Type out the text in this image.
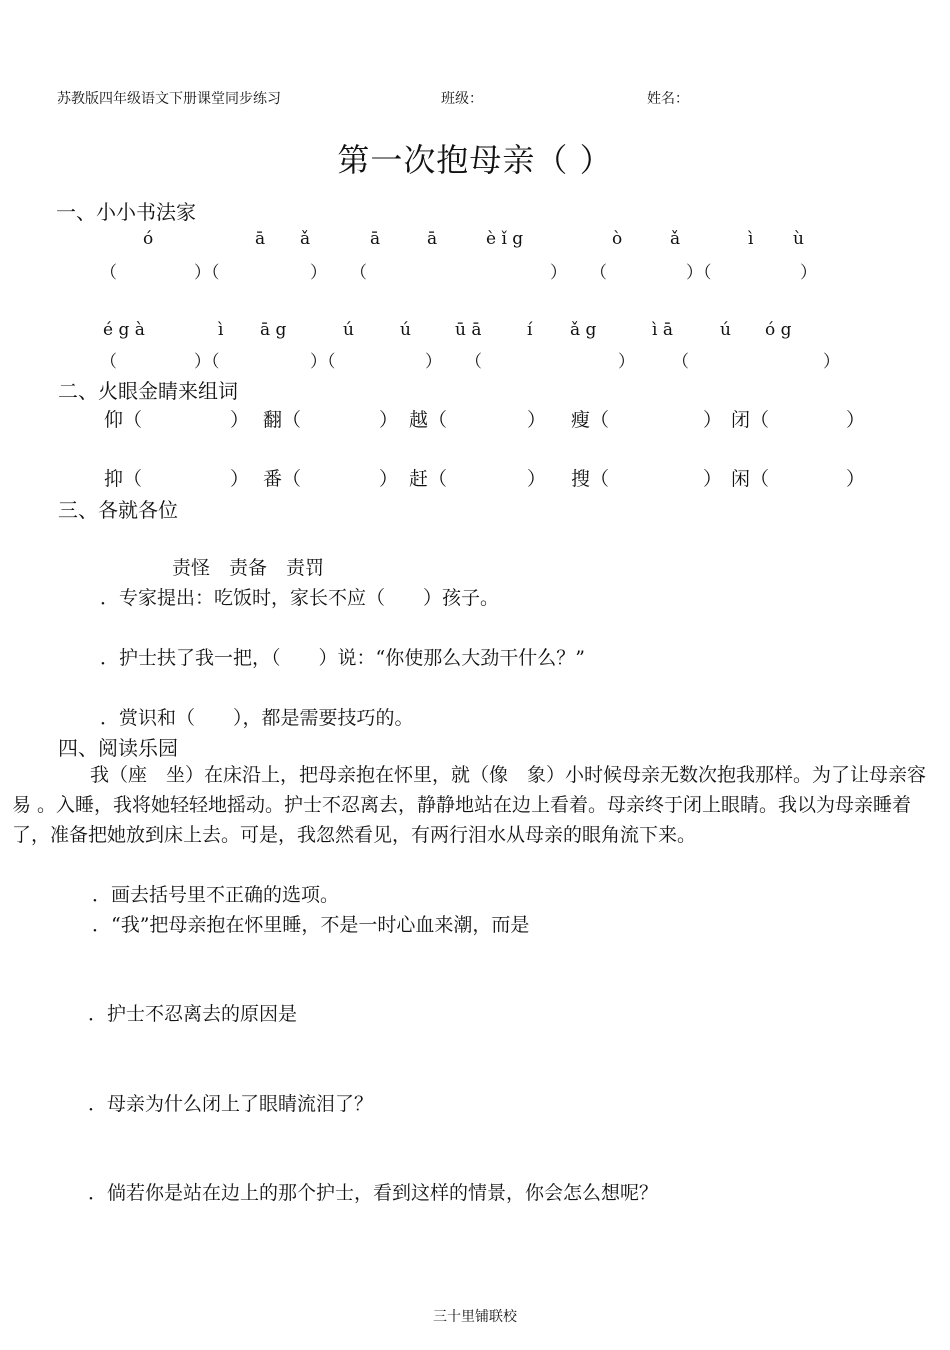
苏教版四年级语文下册课堂同步练习	班级：	姓名：
第一次抱母亲（ ）
一、小小书法家
ó	ā ǎ	ā	ā	è ǐ g	ò	ǎ	ì ù
（	）（	） （	） （	）（	）
é g à	ì ā g	ú	ú	ū ā	í ǎ g	ì ā	ú ó g
（	）（	）（	） （	） （	）
二、火眼金睛来组词
仰（	） 翻（	） 越（	） 瘦（	） 闭（	）
抑（	） 番（	） 赶（	） 搜（	） 闲（	）
三、各就各位
责怪　责备　责罚
．专家提出：吃饭时，家长不应（　　）孩子。
．护士扶了我一把，（　　）说：“你使那么大劲干什么？”
．赏识和（　　），都是需要技巧的。
四、阅读乐园
我（座　坐）在床沿上，把母亲抱在怀里，就（像　象）小时候母亲无数次抱我那样。为了让母亲容易 。入睡，我将她轻轻地摇动。护士不忍离去，静静地站在边上看着。母亲终于闭上眼睛。我以为母亲睡着了，准备把她放到床上去。可是，我忽然看见，有两行泪水从母亲的眼角流下来。
．画去括号里不正确的选项。
．“我”把母亲抱在怀里睡，不是一时心血来潮，而是
．护士不忍离去的原因是
．母亲为什么闭上了眼睛流泪了？
．倘若你是站在边上的那个护士，看到这样的情景，你会怎么想呢？
三十里铺联校
